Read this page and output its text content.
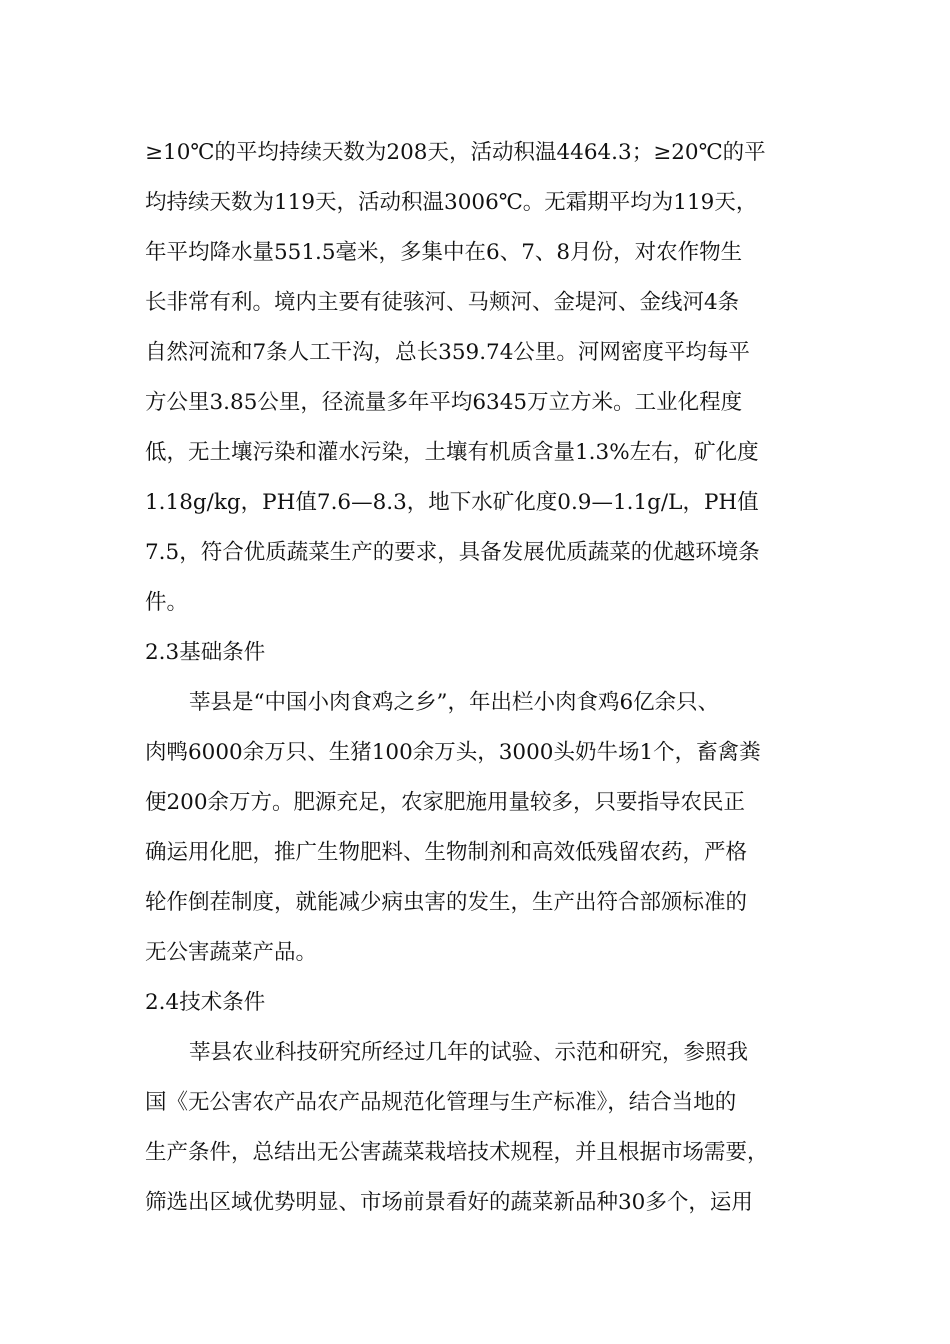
≥10℃的平均持续天数为208天，活动积温4464.3；≥20℃的平
均持续天数为119天，活动积温3006℃。无霜期平均为119天，
年平均降水量551.5毫米，多集中在6、7、8月份，对农作物生
长非常有利。境内主要有徒骇河、马颊河、金堤河、金线河4条
自然河流和7条人工干沟，总长359.74公里。河网密度平均每平
方公里3.85公里，径流量多年平均6345万立方米。工业化程度
低，无土壤污染和灌水污染，土壤有机质含量1.3%左右，矿化度
1.18g/kg，PH值7.6—8.3，地下水矿化度0.9—1.1g/L，PH值
7.5，符合优质蔬菜生产的要求，具备发展优质蔬菜的优越环境条
件。
2.3基础条件
莘县是“中国小肉食鸡之乡”，年出栏小肉食鸡6亿余只、
肉鸭6000余万只、生猪100余万头，3000头奶牛场1个，畜禽粪
便200余万方。肥源充足，农家肥施用量较多，只要指导农民正
确运用化肥，推广生物肥料、生物制剂和高效低残留农药，严格
轮作倒茬制度，就能减少病虫害的发生，生产出符合部颁标准的
无公害蔬菜产品。
2.4技术条件
莘县农业科技研究所经过几年的试验、示范和研究，参照我
国《无公害农产品农产品规范化管理与生产标准》，结合当地的
生产条件，总结出无公害蔬菜栽培技术规程，并且根据市场需要，
筛选出区域优势明显、市场前景看好的蔬菜新品种30多个，运用
